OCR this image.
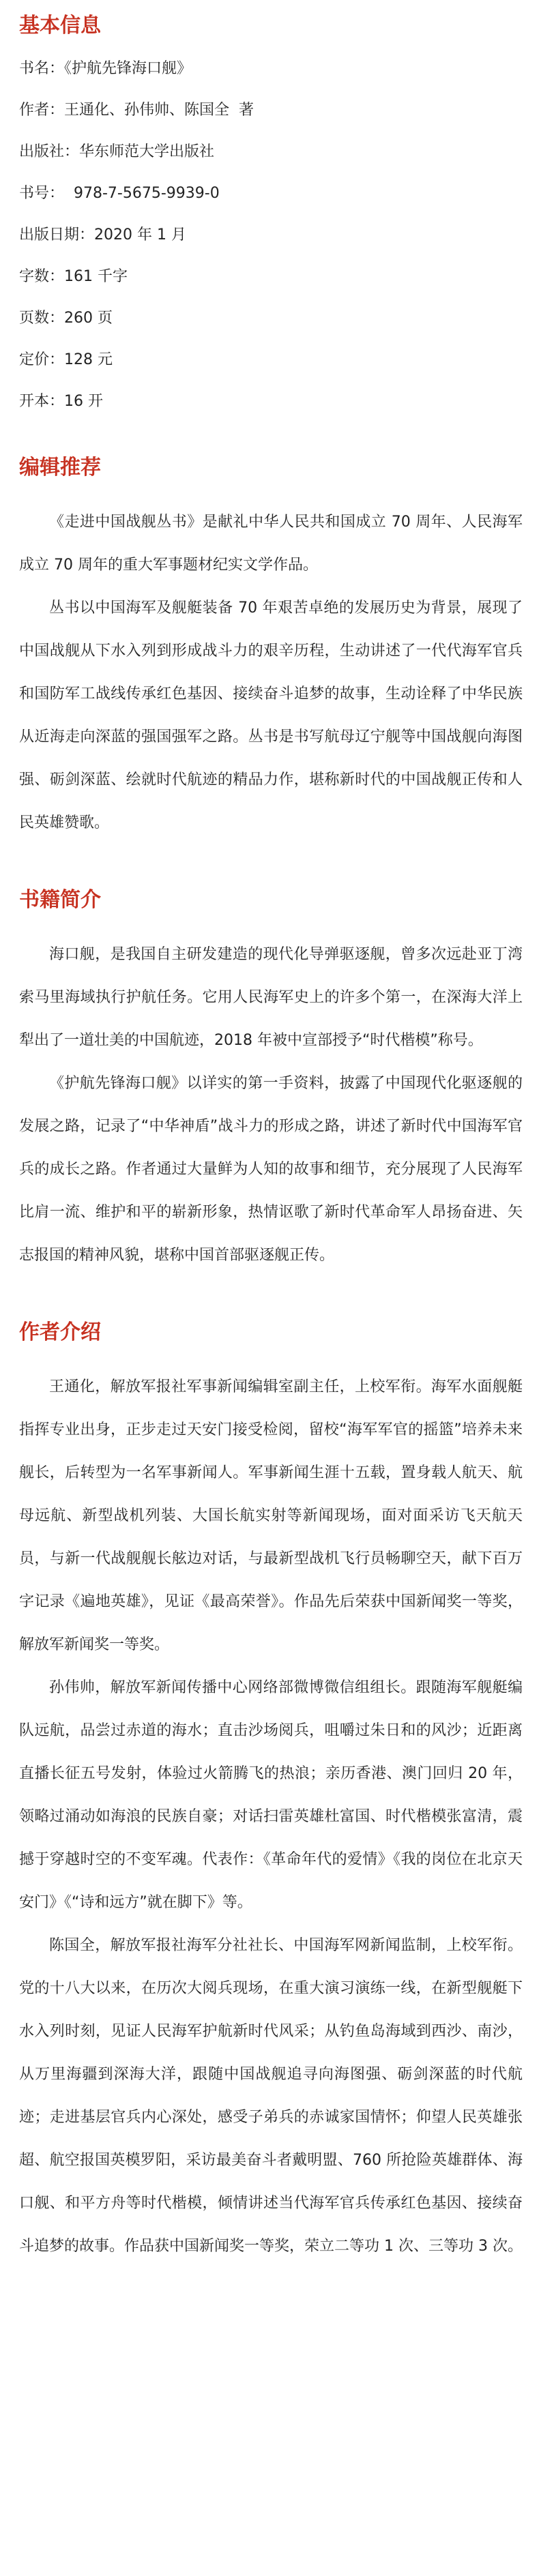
基本信息

书名：《护航先锋海口舰》

作者：王通化、孙伟帅、陈国全  著

出版社：华东师范大学出版社

书号：  978-7-5675-9939-0

出版日期：2020 年 1 月

字数：161 千字

页数：260 页

定价：128 元

开本：16 开

编辑推荐

《走进中国战舰丛书》是献礼中华人民共和国成立 70 周年、人民海军成立 70 周年的重大军事题材纪实文学作品。

丛书以中国海军及舰艇装备 70 年艰苦卓绝的发展历史为背景，展现了中国战舰从下水入列到形成战斗力的艰辛历程，生动讲述了一代代海军官兵和国防军工战线传承红色基因、接续奋斗追梦的故事，生动诠释了中华民族从近海走向深蓝的强国强军之路。丛书是书写航母辽宁舰等中国战舰向海图强、砺剑深蓝、绘就时代航迹的精品力作，堪称新时代的中国战舰正传和人民英雄赞歌。

书籍简介

海口舰，是我国自主研发建造的现代化导弹驱逐舰，曾多次远赴亚丁湾索马里海域执行护航任务。它用人民海军史上的许多个第一，在深海大洋上犁出了一道壮美的中国航迹，2018 年被中宣部授予“时代楷模”称号。

《护航先锋海口舰》以详实的第一手资料，披露了中国现代化驱逐舰的发展之路，记录了“中华神盾”战斗力的形成之路，讲述了新时代中国海军官兵的成长之路。作者通过大量鲜为人知的故事和细节，充分展现了人民海军比肩一流、维护和平的崭新形象，热情讴歌了新时代革命军人昂扬奋进、矢志报国的精神风貌，堪称中国首部驱逐舰正传。

作者介绍

王通化，解放军报社军事新闻编辑室副主任，上校军衔。海军水面舰艇指挥专业出身，正步走过天安门接受检阅，留校“海军军官的摇篮”培养未来舰长，后转型为一名军事新闻人。军事新闻生涯十五载，置身载人航天、航母远航、新型战机列装、大国长航实射等新闻现场，面对面采访飞天航天员，与新一代战舰舰长舷边对话，与最新型战机飞行员畅聊空天，献下百万字记录《遍地英雄》，见证《最高荣誉》。作品先后荣获中国新闻奖一等奖，解放军新闻奖一等奖。

孙伟帅，解放军新闻传播中心网络部微博微信组组长。跟随海军舰艇编队远航，品尝过赤道的海水；直击沙场阅兵，咀嚼过朱日和的风沙；近距离直播长征五号发射，体验过火箭腾飞的热浪；亲历香港、澳门回归 20 年，领略过涌动如海浪的民族自豪；对话扫雷英雄杜富国、时代楷模张富清，震撼于穿越时空的不变军魂。代表作：《革命年代的爱情》《我的岗位在北京天安门》《“诗和远方”就在脚下》等。

陈国全，解放军报社海军分社社长、中国海军网新闻监制，上校军衔。党的十八大以来，在历次大阅兵现场，在重大演习演练一线，在新型舰艇下水入列时刻，见证人民海军护航新时代风采；从钓鱼岛海域到西沙、南沙，从万里海疆到深海大洋，跟随中国战舰追寻向海图强、砺剑深蓝的时代航迹；走进基层官兵内心深处，感受子弟兵的赤诚家国情怀；仰望人民英雄张超、航空报国英模罗阳，采访最美奋斗者戴明盟、760 所抢险英雄群体、海口舰、和平方舟等时代楷模，倾情讲述当代海军官兵传承红色基因、接续奋斗追梦的故事。作品获中国新闻奖一等奖，荣立二等功 1 次、三等功 3 次。
